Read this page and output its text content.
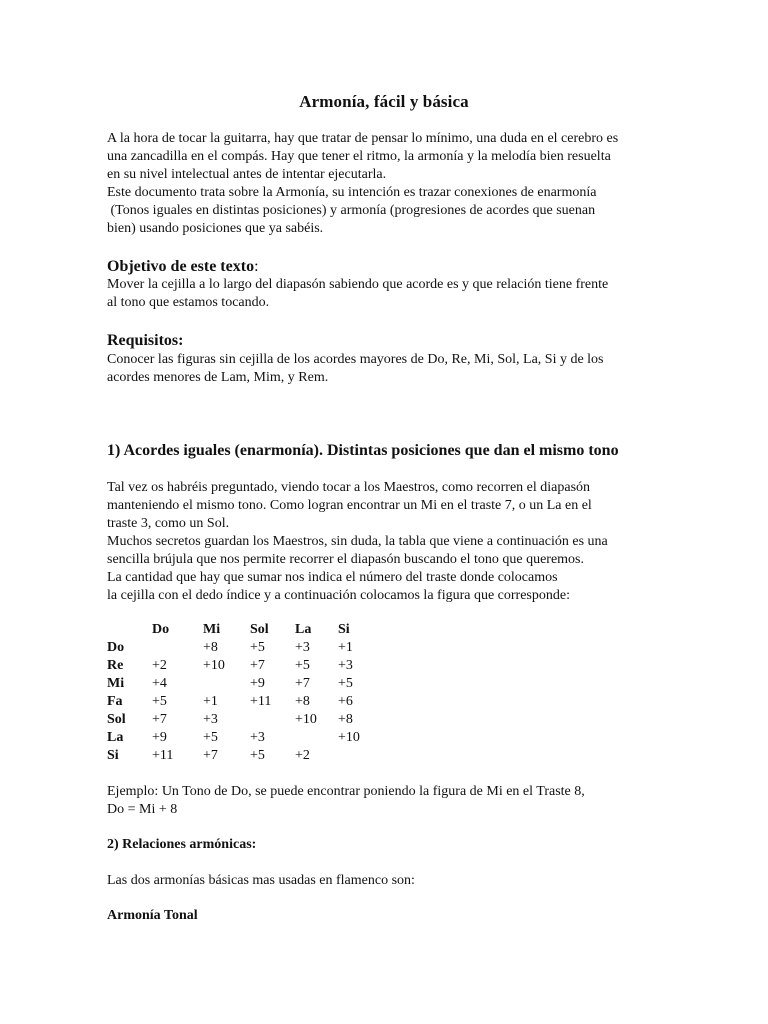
Armonía, fácil y básica

A la hora de tocar la guitarra, hay que tratar de pensar lo mínimo, una duda en el cerebro es

una zancadilla en el compás. Hay que tener el ritmo, la armonía y la melodía bien resuelta

en su nivel intelectual antes de intentar ejecutarla.

Este documento trata sobre la Armonía, su intención es trazar conexiones de enarmonía

(Tonos iguales en distintas posiciones) y armonía (progresiones de acordes que suenan

bien) usando posiciones que ya sabéis.

Objetivo de este texto:

Mover la cejilla a lo largo del diapasón sabiendo que acorde es y que relación tiene frente

al tono que estamos tocando.

Requisitos:

Conocer las figuras sin cejilla de los acordes mayores de Do, Re, Mi, Sol, La, Si y de los

acordes menores de Lam, Mim, y Rem.

1) Acordes iguales (enarmonía). Distintas posiciones que dan el mismo tono

Tal vez os habréis preguntado, viendo tocar a los Maestros, como recorren el diapasón

manteniendo el mismo tono. Como logran encontrar un Mi en el traste 7, o un La en el

traste 3, como un Sol.

Muchos secretos guardan los Maestros, sin duda, la tabla que viene a continuación es una

sencilla brújula que nos permite recorrer el diapasón buscando el tono que queremos.

La cantidad que hay que sumar nos indica el número del traste donde colocamos

la cejilla con el dedo índice y a continuación colocamos la figura que corresponde:

	Do	Mi	Sol	La	Si
Do		+8	+5	+3	+1
Re	+2	+10	+7	+5	+3
Mi	+4		+9	+7	+5
Fa	+5	+1	+11	+8	+6
Sol	+7	+3		+10	+8
La	+9	+5	+3		+10
Si	+11	+7	+5	+2	

Ejemplo: Un Tono de Do, se puede encontrar poniendo la figura de Mi en el Traste 8,

Do = Mi + 8

2) Relaciones armónicas:

Las dos armonías básicas mas usadas en flamenco son:

Armonía Tonal
